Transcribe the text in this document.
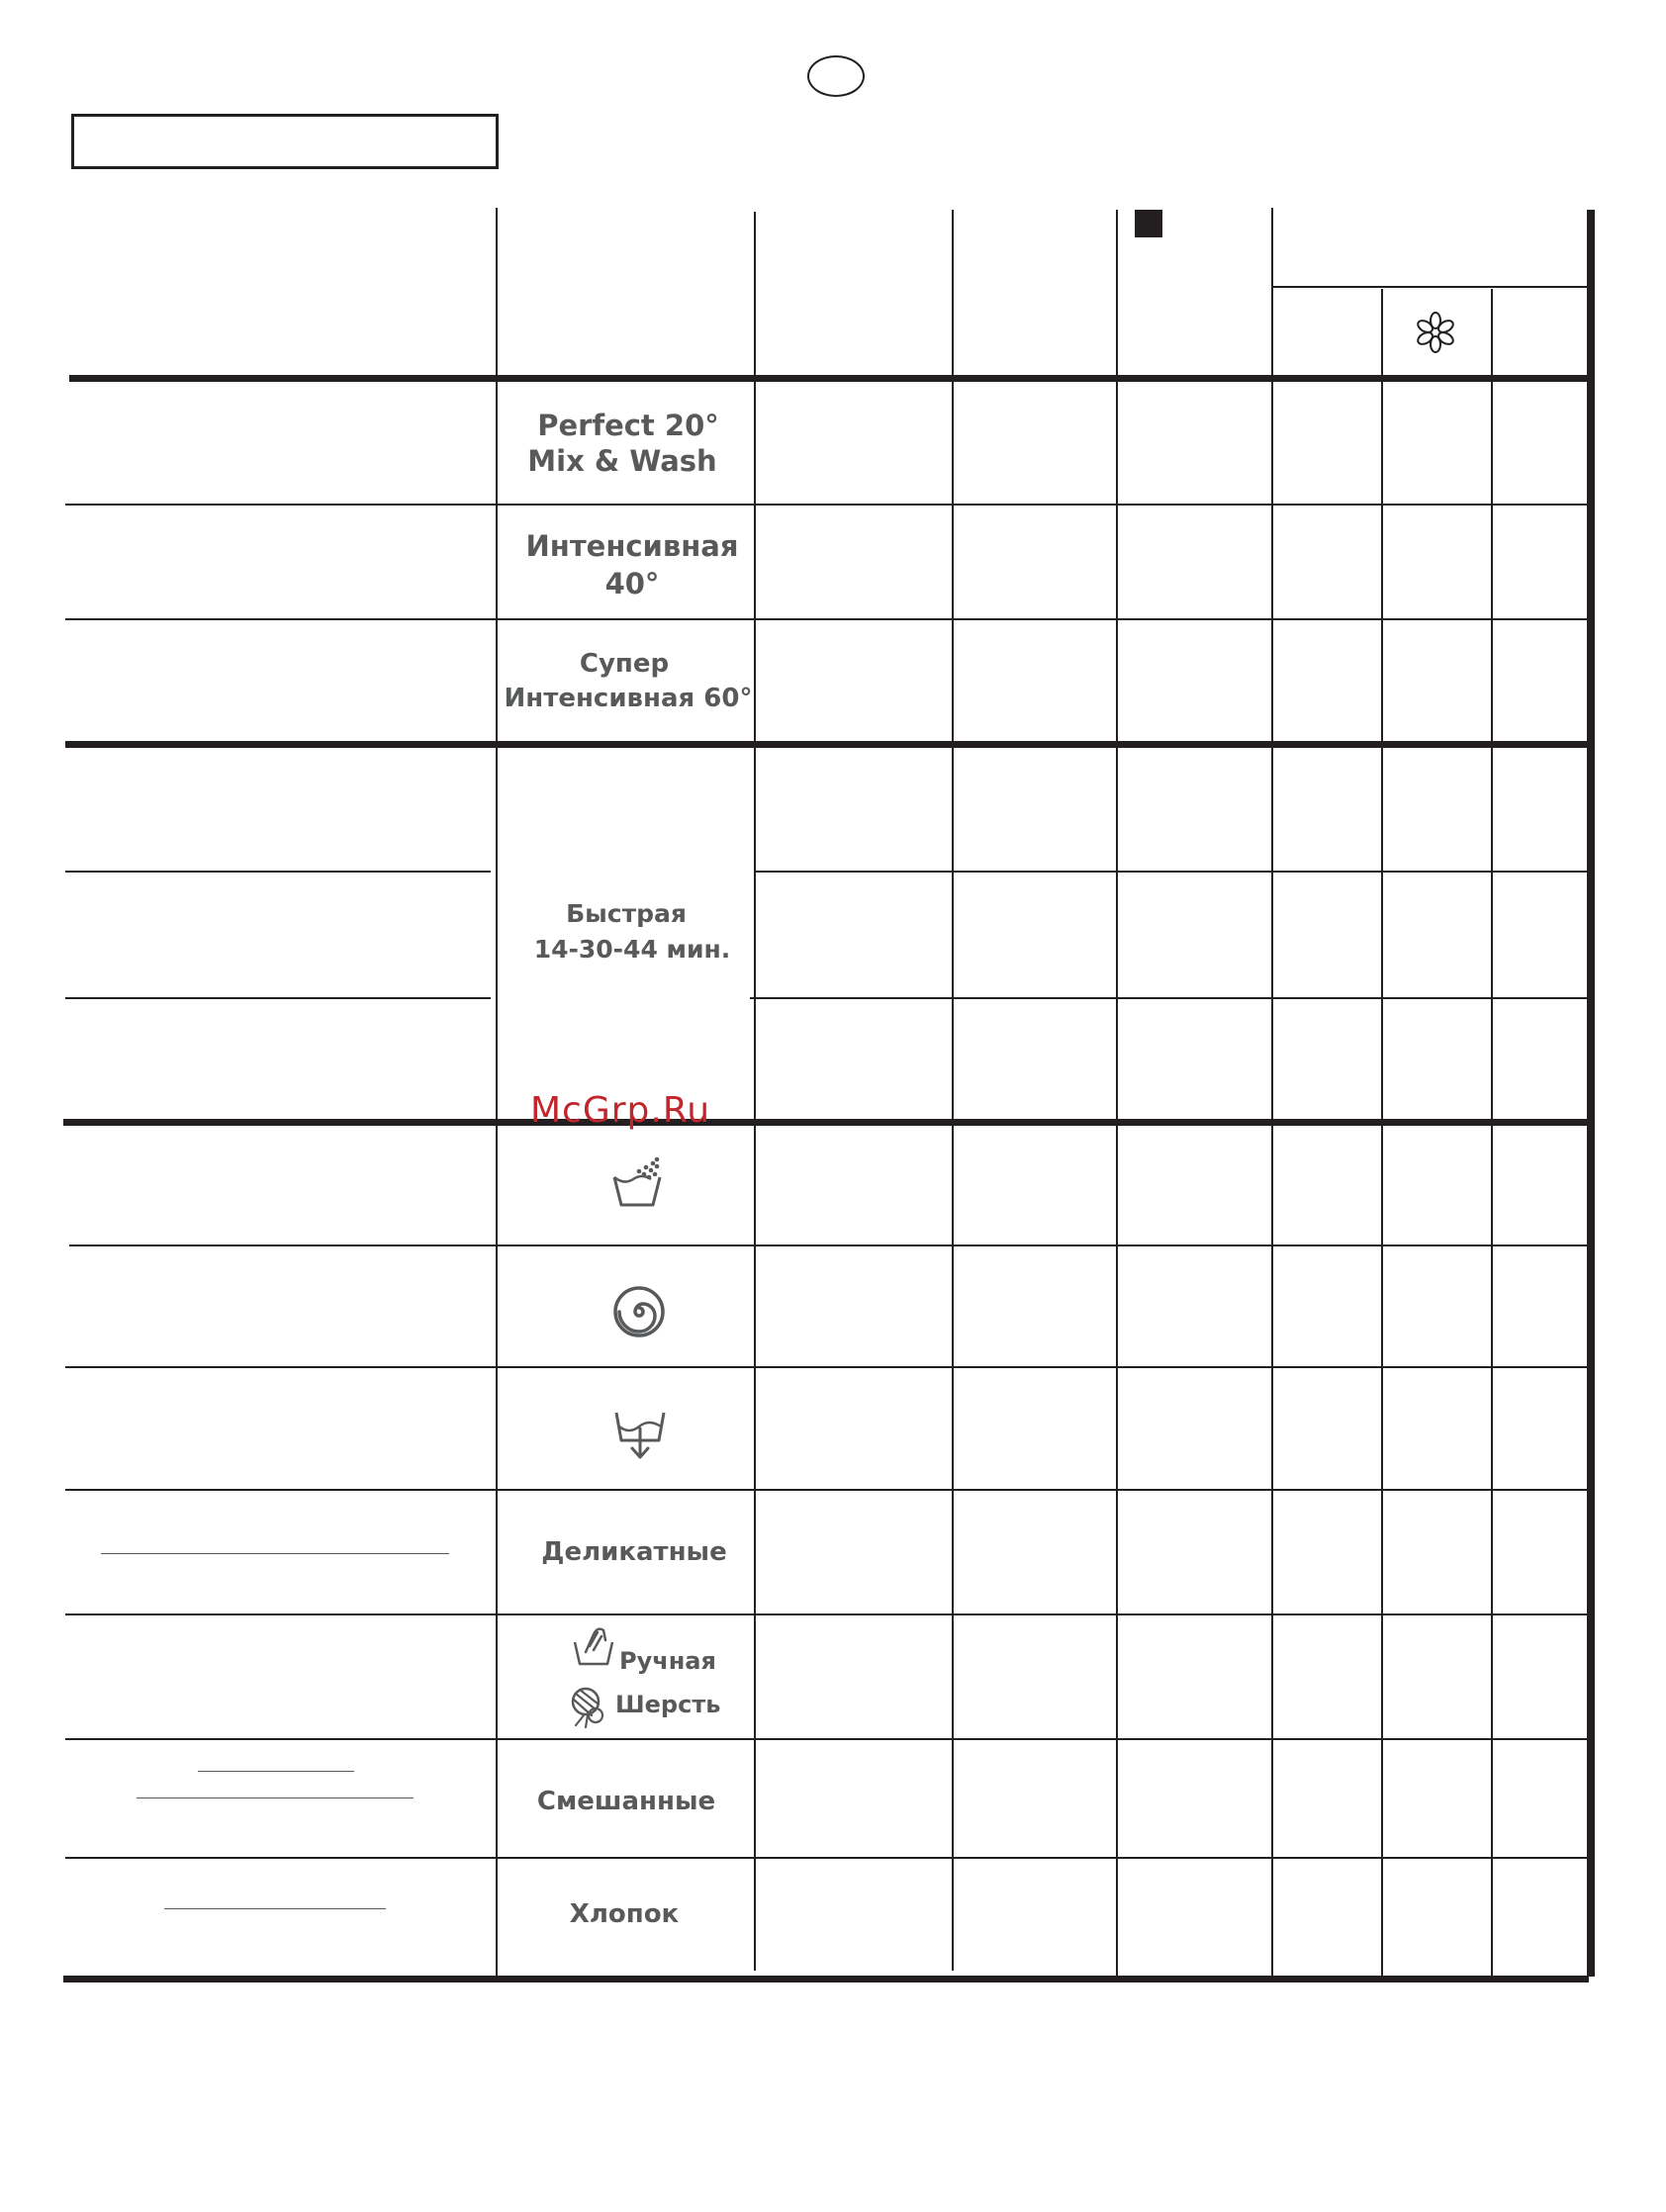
Perfect 20°
Mix & Wash
Интенсивная
40°
Супер
Интенсивная 60°
Быстрая
14-30-44 мин.
Деликатные
Ручная
Шерсть
Смешанные
Хлопок
McGrp.Ru
